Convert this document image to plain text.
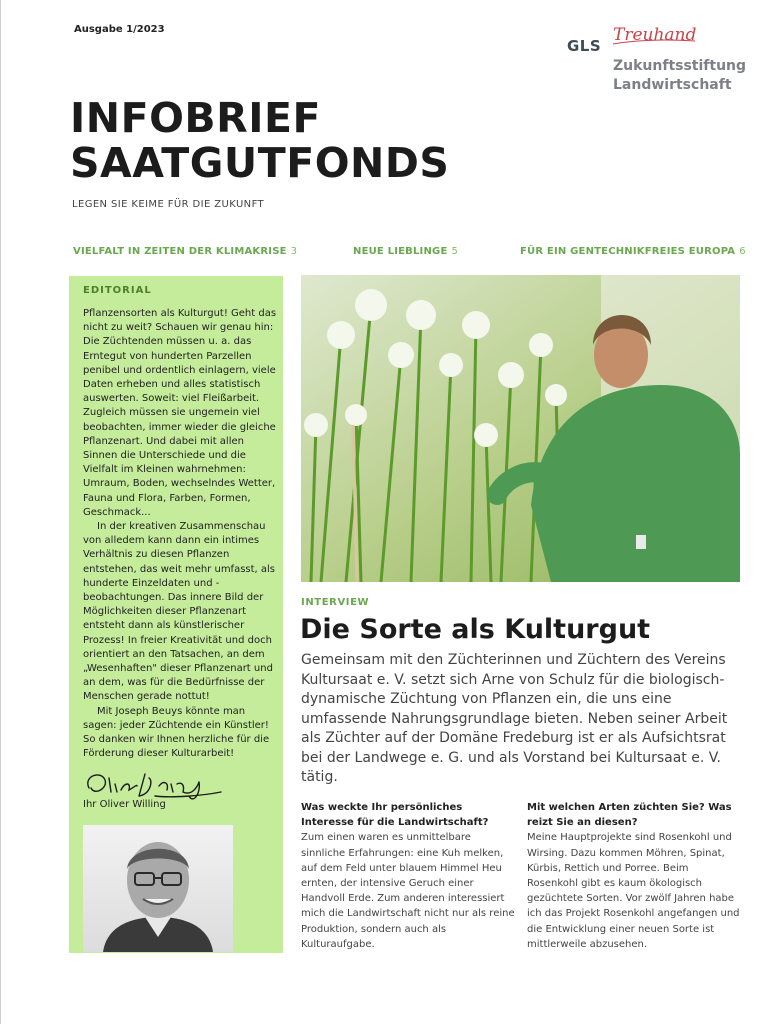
Ausgabe 1/2023
GLS
Treuhand
Zukunftsstiftung
Landwirtschaft
INFOBRIEF
SAATGUTFONDS
LEGEN SIE KEIME FÜR DIE ZUKUNFT
VIELFALT IN ZEITEN DER KLIMAKRISE 3	NEUE LIEBLINGE 5	FÜR EIN GENTECHNIKFREIES EUROPA 6
EDITORIAL

Pflanzensorten als Kulturgut! Geht das nicht zu weit? Schauen wir genau hin: Die Züchtenden müssen u. a. das Erntegut von hunderten Parzellen penibel und ordentlich einlagern, viele Daten erheben und alles statistisch auswerten. Soweit: viel Fleißarbeit. Zugleich müssen sie ungemein viel beobachten, immer wieder die gleiche Pflanzenart. Und dabei mit allen Sinnen die Unterschiede und die Vielfalt im Kleinen wahrnehmen: Umraum, Boden, wechselndes Wetter, Fauna und Flora, Farben, Formen, Geschmack...

In der kreativen Zusammenschau von alledem kann dann ein intimes Verhältnis zu diesen Pflanzen entstehen, das weit mehr umfasst, als hunderte Einzeldaten und -beobachtungen. Das innere Bild der Möglichkeiten dieser Pflanzenart entsteht dann als künstlerischer Prozess! In freier Kreativität und doch orientiert an den Tatsachen, an dem „Wesenhaften" dieser Pflanzenart und an dem, was für die Bedürfnisse der Menschen gerade nottut!

Mit Joseph Beuys könnte man sagen: jeder Züchtende ein Künstler! So danken wir Ihnen herzliche für die Förderung dieser Kulturarbeit!

Ihr Oliver Willing
INTERVIEW
Die Sorte als Kulturgut
Gemeinsam mit den Züchterinnen und Züchtern des Vereins Kultursaat e. V. setzt sich Arne von Schulz für die biologisch-dynamische Züchtung von Pflanzen ein, die uns eine umfassende Nahrungsgrundlage bieten. Neben seiner Arbeit als Züchter auf der Domäne Fredeburg ist er als Aufsichtsrat bei der Landwege e. G. und als Vorstand bei Kultursaat e. V. tätig.
Was weckte Ihr persönliches Interesse für die Landwirtschaft?
Zum einen waren es unmittelbare sinnliche Erfahrungen: eine Kuh melken, auf dem Feld unter blauem Himmel Heu ernten, der intensive Geruch einer Handvoll Erde. Zum anderen interessiert mich die Landwirtschaft nicht nur als reine Produktion, sondern auch als Kulturaufgabe.
Mit welchen Arten züchten Sie? Was reizt Sie an diesen?
Meine Hauptprojekte sind Rosenkohl und Wirsing. Dazu kommen Möhren, Spinat, Kürbis, Rettich und Porree. Beim Rosenkohl gibt es kaum ökologisch gezüchtete Sorten. Vor zwölf Jahren habe ich das Projekt Rosenkohl angefangen und die Entwicklung einer neuen Sorte ist mittlerweile abzusehen.
